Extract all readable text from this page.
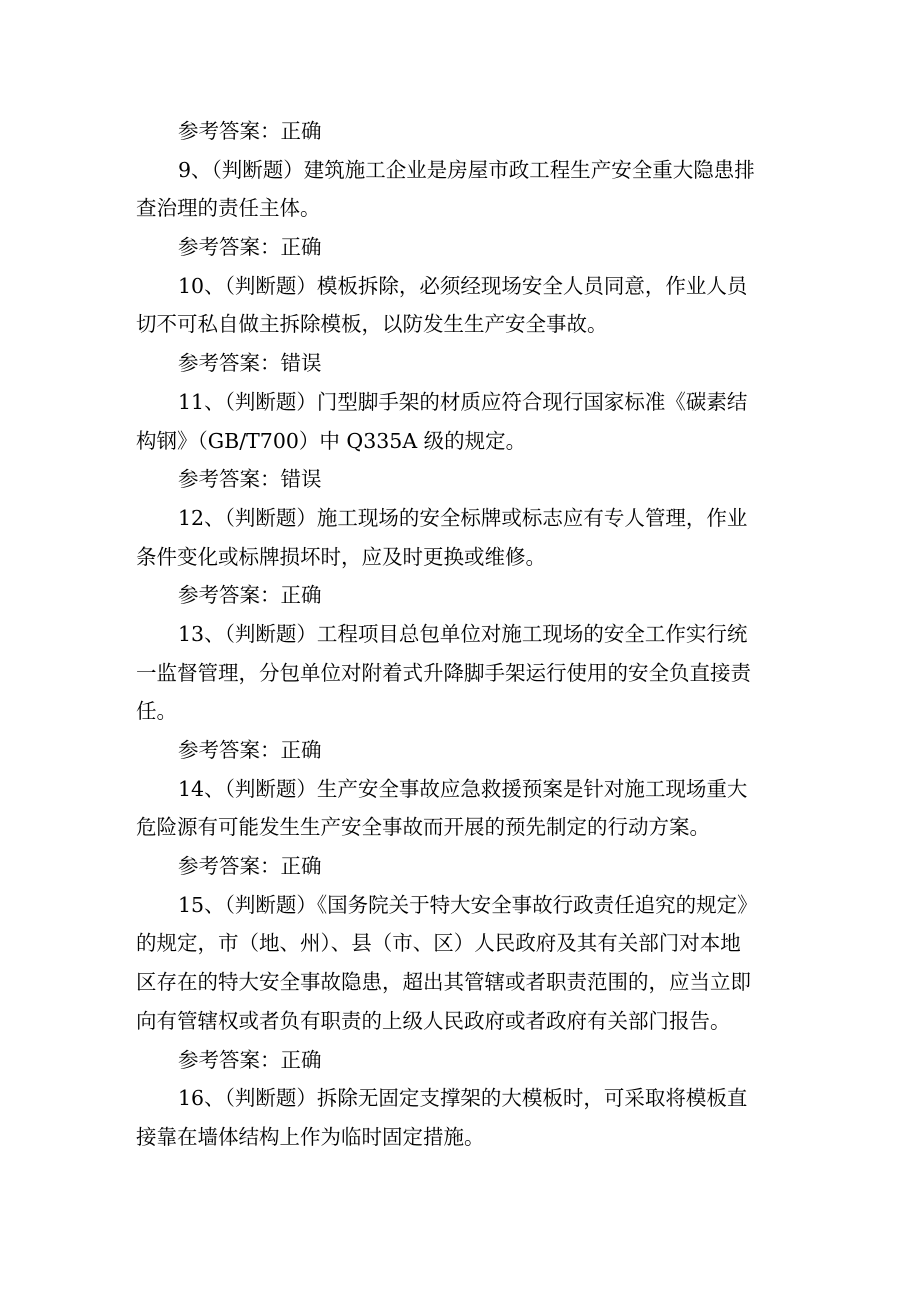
参考答案：正确

9、（判断题）建筑施工企业是房屋市政工程生产安全重大隐患排

查治理的责任主体。

参考答案：正确

10、（判断题）模板拆除，必须经现场安全人员同意，作业人员

切不可私自做主拆除模板，以防发生生产安全事故。

参考答案：错误

11、（判断题）门型脚手架的材质应符合现行国家标准《碳素结

构钢》（GB/T700）中 Q335A 级的规定。

参考答案：错误

12、（判断题）施工现场的安全标牌或标志应有专人管理，作业

条件变化或标牌损坏时，应及时更换或维修。

参考答案：正确

13、（判断题）工程项目总包单位对施工现场的安全工作实行统

一监督管理，分包单位对附着式升降脚手架运行使用的安全负直接责

任。

参考答案：正确

14、（判断题）生产安全事故应急救援预案是针对施工现场重大

危险源有可能发生生产安全事故而开展的预先制定的行动方案。

参考答案：正确

15、（判断题）《国务院关于特大安全事故行政责任追究的规定》

的规定，市（地、州）、县（市、区）人民政府及其有关部门对本地

区存在的特大安全事故隐患，超出其管辖或者职责范围的，应当立即

向有管辖权或者负有职责的上级人民政府或者政府有关部门报告。

参考答案：正确

16、（判断题）拆除无固定支撑架的大模板时，可采取将模板直

接靠在墙体结构上作为临时固定措施。
